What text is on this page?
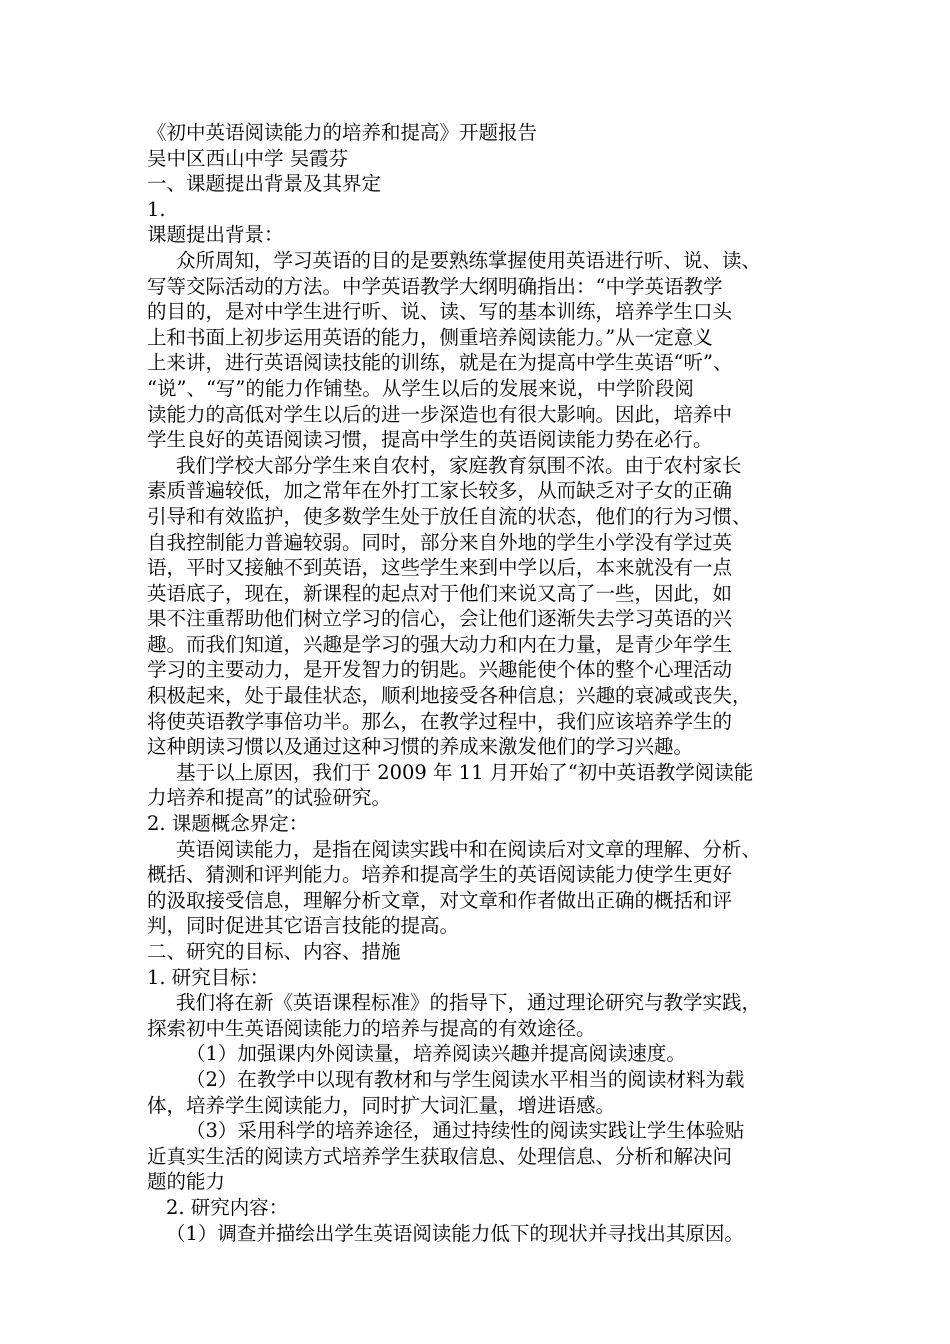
《初中英语阅读能力的培养和提高》开题报告
吴中区西山中学 吴霞芬
一、课题提出背景及其界定
1.
课题提出背景：
众所周知，学习英语的目的是要熟练掌握使用英语进行听、说、读、
写等交际活动的方法。中学英语教学大纲明确指出：“中学英语教学
的目的，是对中学生进行听、说、读、写的基本训练，培养学生口头
上和书面上初步运用英语的能力，侧重培养阅读能力。”从一定意义
上来讲，进行英语阅读技能的训练，就是在为提高中学生英语“听”、
“说”、“写”的能力作铺垫。从学生以后的发展来说，中学阶段阅
读能力的高低对学生以后的进一步深造也有很大影响。因此，培养中
学生良好的英语阅读习惯，提高中学生的英语阅读能力势在必行。
我们学校大部分学生来自农村，家庭教育氛围不浓。由于农村家长
素质普遍较低，加之常年在外打工家长较多，从而缺乏对子女的正确
引导和有效监护，使多数学生处于放任自流的状态，他们的行为习惯、
自我控制能力普遍较弱。同时，部分来自外地的学生小学没有学过英
语，平时又接触不到英语，这些学生来到中学以后，本来就没有一点
英语底子，现在，新课程的起点对于他们来说又高了一些，因此，如
果不注重帮助他们树立学习的信心，会让他们逐渐失去学习英语的兴
趣。而我们知道，兴趣是学习的强大动力和内在力量，是青少年学生
学习的主要动力，是开发智力的钥匙。兴趣能使个体的整个心理活动
积极起来，处于最佳状态，顺利地接受各种信息；兴趣的衰减或丧失，
将使英语教学事倍功半。那么，在教学过程中，我们应该培养学生的
这种朗读习惯以及通过这种习惯的养成来激发他们的学习兴趣。
基于以上原因，我们于 2009 年 11 月开始了“初中英语教学阅读能
力培养和提高”的试验研究。
2. 课题概念界定：
英语阅读能力，是指在阅读实践中和在阅读后对文章的理解、分析、
概括、猜测和评判能力。培养和提高学生的英语阅读能力使学生更好
的汲取接受信息，理解分析文章，对文章和作者做出正确的概括和评
判，同时促进其它语言技能的提高。
二、研究的目标、内容、措施
1. 研究目标：
我们将在新《英语课程标准》的指导下，通过理论研究与教学实践，
探索初中生英语阅读能力的培养与提高的有效途径。
（1）加强课内外阅读量，培养阅读兴趣并提高阅读速度。
（2）在教学中以现有教材和与学生阅读水平相当的阅读材料为载
体，培养学生阅读能力，同时扩大词汇量，增进语感。
（3）采用科学的培养途径，通过持续性的阅读实践让学生体验贴
近真实生活的阅读方式培养学生获取信息、处理信息、分析和解决问
题的能力
2. 研究内容：
（1）调查并描绘出学生英语阅读能力低下的现状并寻找出其原因。
